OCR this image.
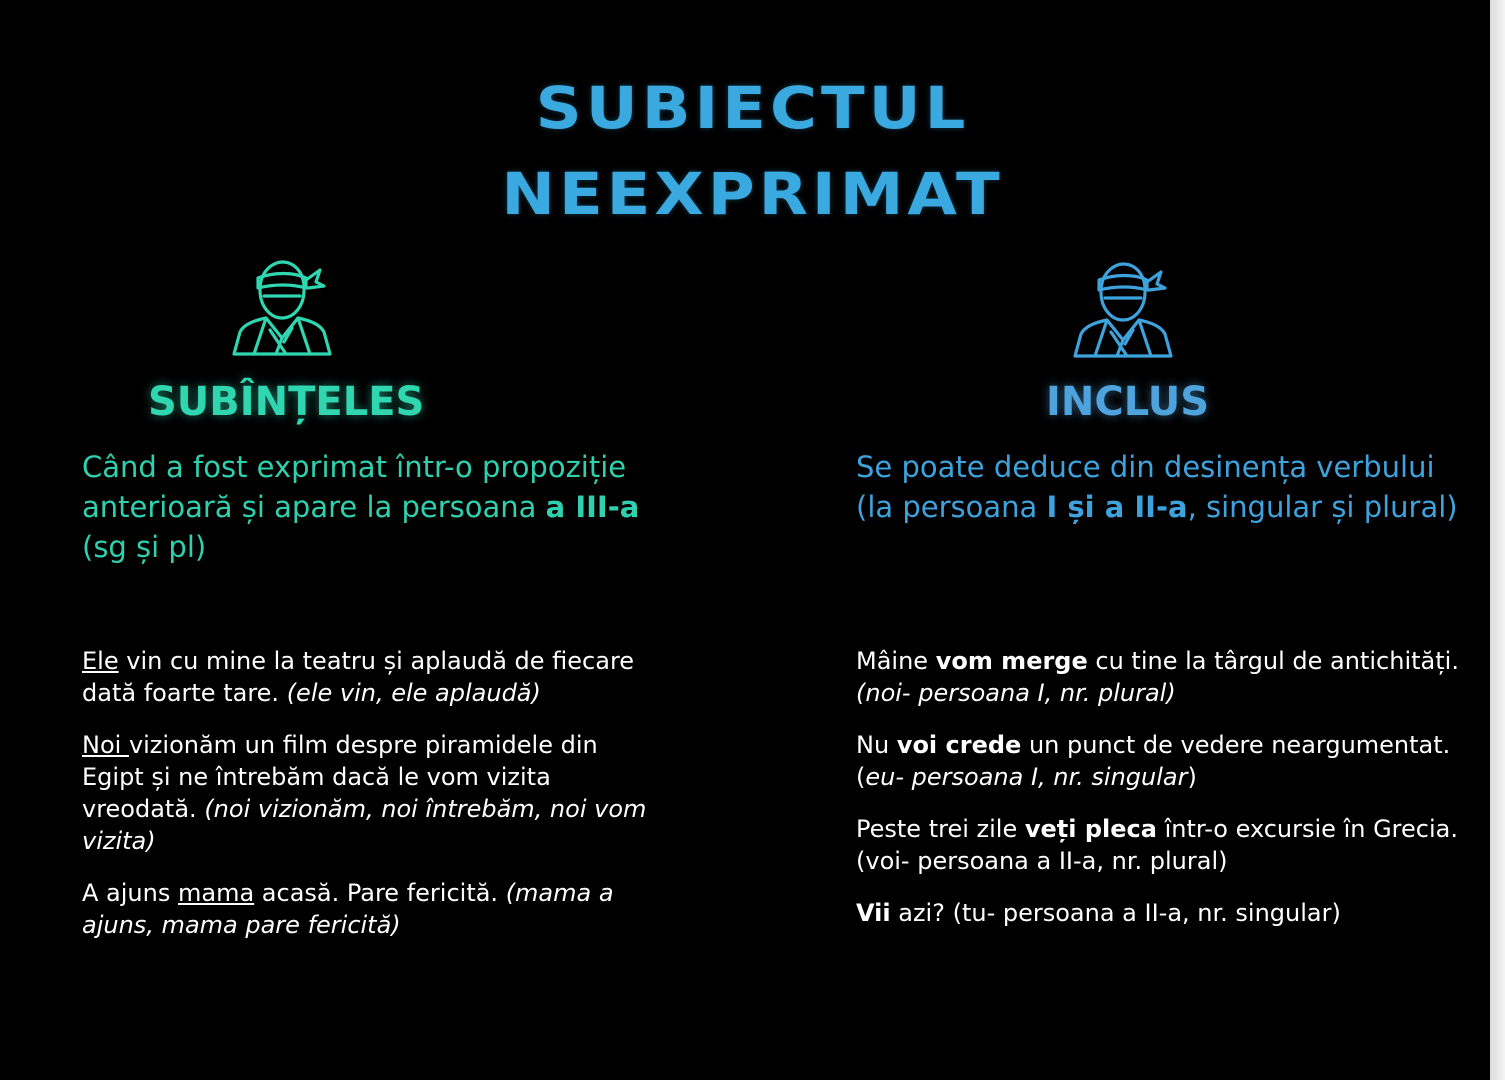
SUBIECTUL
NEEXPRIMAT
SUBÎNȚELES	INCLUS
Când a fost exprimat într-o propoziție anterioară și apare la persoana a III-a (sg și pl)
Se poate deduce din desinența verbului (la persoana I și a II-a, singular și plural)

Ele vin cu mine la teatru și aplaudă de fiecare dată foarte tare. (ele vin, ele aplaudă)

Noi vizionăm un film despre piramidele din Egipt și ne întrebăm dacă le vom vizita vreodată. (noi vizionăm, noi întrebăm, noi vom vizita)

A ajuns mama acasă. Pare fericită. (mama a ajuns, mama pare fericită)

Mâine vom merge cu tine la târgul de antichități. (noi- persoana I, nr. plural)

Nu voi crede un punct de vedere neargumentat. (eu- persoana I, nr. singular)

Peste trei zile veți pleca într-o excursie în Grecia. (voi- persoana a II-a, nr. plural)

Vii azi? (tu- persoana a II-a, nr. singular)
